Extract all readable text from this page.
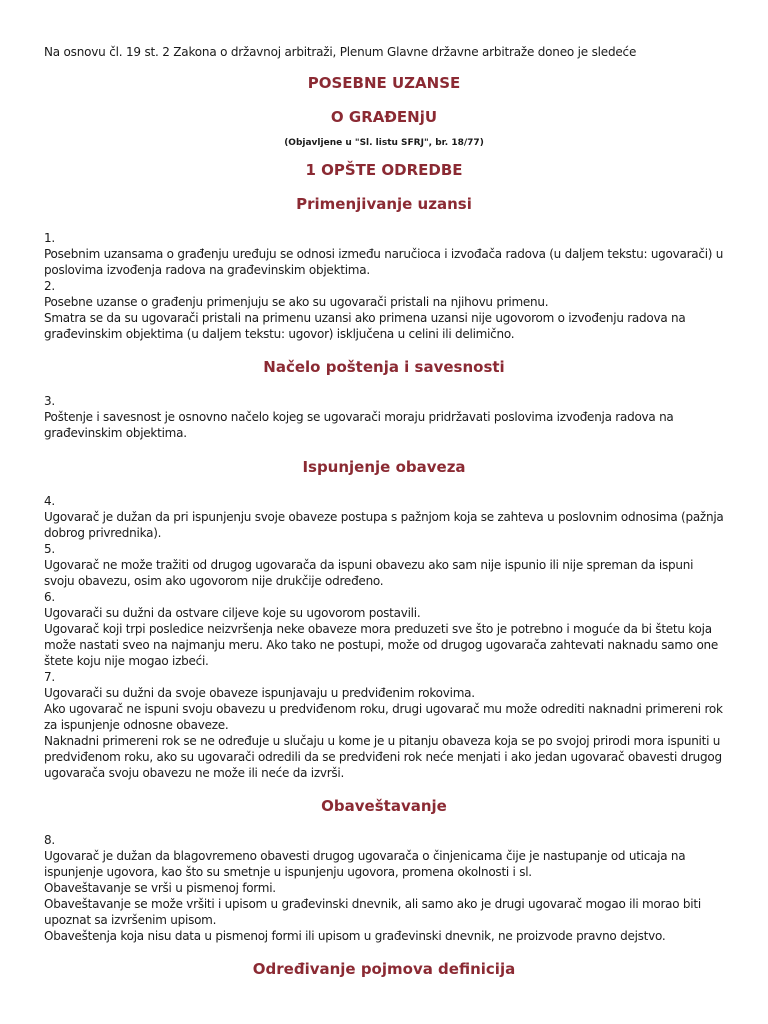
Na osnovu čl. 19 st. 2 Zakona o državnoj arbitraži, Plenum Glavne državne arbitraže doneo je sledeće

POSEBNE UZANSE
O GRAĐENjU

(Objavljene u "Sl. listu SFRJ", br. 18/77)

1 OPŠTE ODREDBE
Primenjivanje uzansi

1.

Posebnim uzansama o građenju uređuju se odnosi između naručioca i izvođača radova (u daljem tekstu: ugovarači) u poslovima izvođenja radova na građevinskim objektima.

2.

Posebne uzanse o građenju primenjuju se ako su ugovarači pristali na njihovu primenu.

Smatra se da su ugovarači pristali na primenu uzansi ako primena uzansi nije ugovorom o izvođenju radova na građevinskim objektima (u daljem tekstu: ugovor) isključena u celini ili delimično.

Načelo poštenja i savesnosti

3.

Poštenje i savesnost je osnovno načelo kojeg se ugovarači moraju pridržavati poslovima izvođenja radova na građevinskim objektima.

Ispunjenje obaveza

4.

Ugovarač je dužan da pri ispunjenju svoje obaveze postupa s pažnjom koja se zahteva u poslovnim odnosima (pažnja dobrog privrednika).

5.

Ugovarač ne može tražiti od drugog ugovarača da ispuni obavezu ako sam nije ispunio ili nije spreman da ispuni svoju obavezu, osim ako ugovorom nije drukčije određeno.

6.

Ugovarači su dužni da ostvare ciljeve koje su ugovorom postavili.

Ugovarač koji trpi posledice neizvršenja neke obaveze mora preduzeti sve što je potrebno i moguće da bi štetu koja može nastati sveo na najmanju meru. Ako tako ne postupi, može od drugog ugovarača zahtevati naknadu samo one štete koju nije mogao izbeći.

7.

Ugovarači su dužni da svoje obaveze ispunjavaju u predviđenim rokovima.

Ako ugovarač ne ispuni svoju obavezu u predviđenom roku, drugi ugovarač mu može odrediti naknadni primereni rok za ispunjenje odnosne obaveze.

Naknadni primereni rok se ne određuje u slučaju u kome je u pitanju obaveza koja se po svojoj prirodi mora ispuniti u predviđenom roku, ako su ugovarači odredili da se predviđeni rok neće menjati i ako jedan ugovarač obavesti drugog ugovarača svoju obavezu ne može ili neće da izvrši.

Obaveštavanje

8.

Ugovarač je dužan da blagovremeno obavesti drugog ugovarača o činjenicama čije je nastupanje od uticaja na ispunjenje ugovora, kao što su smetnje u ispunjenju ugovora, promena okolnosti i sl.

Obaveštavanje se vrši u pismenoj formi.

Obaveštavanje se može vršiti i upisom u građevinski dnevnik, ali samo ako je drugi ugovarač mogao ili morao biti upoznat sa izvršenim upisom.

Obaveštenja koja nisu data u pismenoj formi ili upisom u građevinski dnevnik, ne proizvode pravno dejstvo.

Određivanje pojmova definicija
